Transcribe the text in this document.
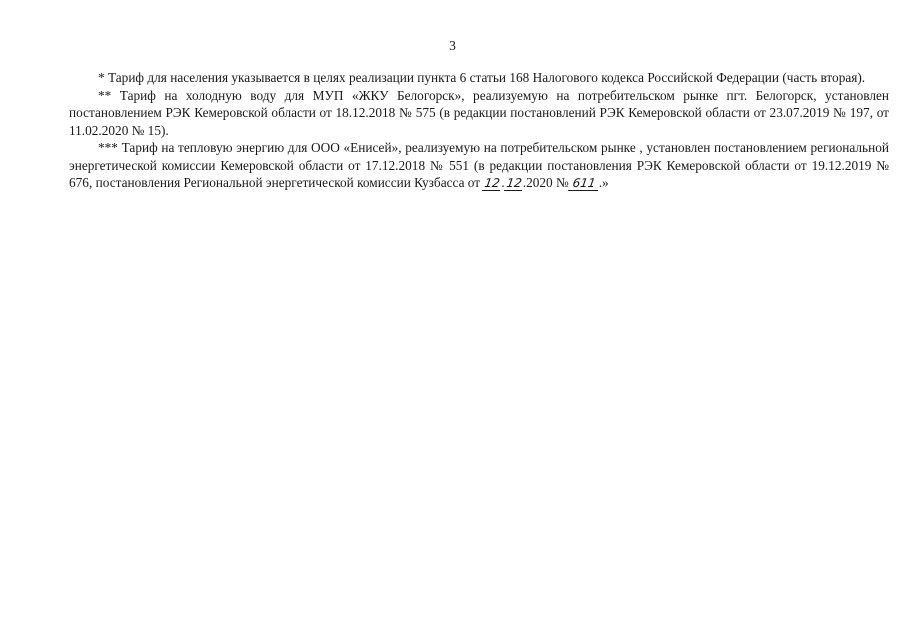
3

* Тариф для населения указывается в целях реализации пункта 6 статьи 168 Налогового кодекса Российской Федерации (часть вторая).

** Тариф на холодную воду для МУП «ЖКУ Белогорск», реализуемую на потребительском рынке пгт. Белогорск, установлен постановлением РЭК Кемеровской области от 18.12.2018 № 575 (в редакции постановлений РЭК Кемеровской области от 23.07.2019 № 197, от 11.02.2020 № 15).

*** Тариф на тепловую энергию для ООО «Енисей», реализуемую на потребительском рынке , установлен постановлением региональной энергетической комиссии Кемеровской области от 17.12.2018 № 551 (в редакции постановления РЭК Кемеровской области от 19.12.2019 № 676, постановления Региональной энергетической комиссии Кузбасса от 12.12.2020 № 611 .»
